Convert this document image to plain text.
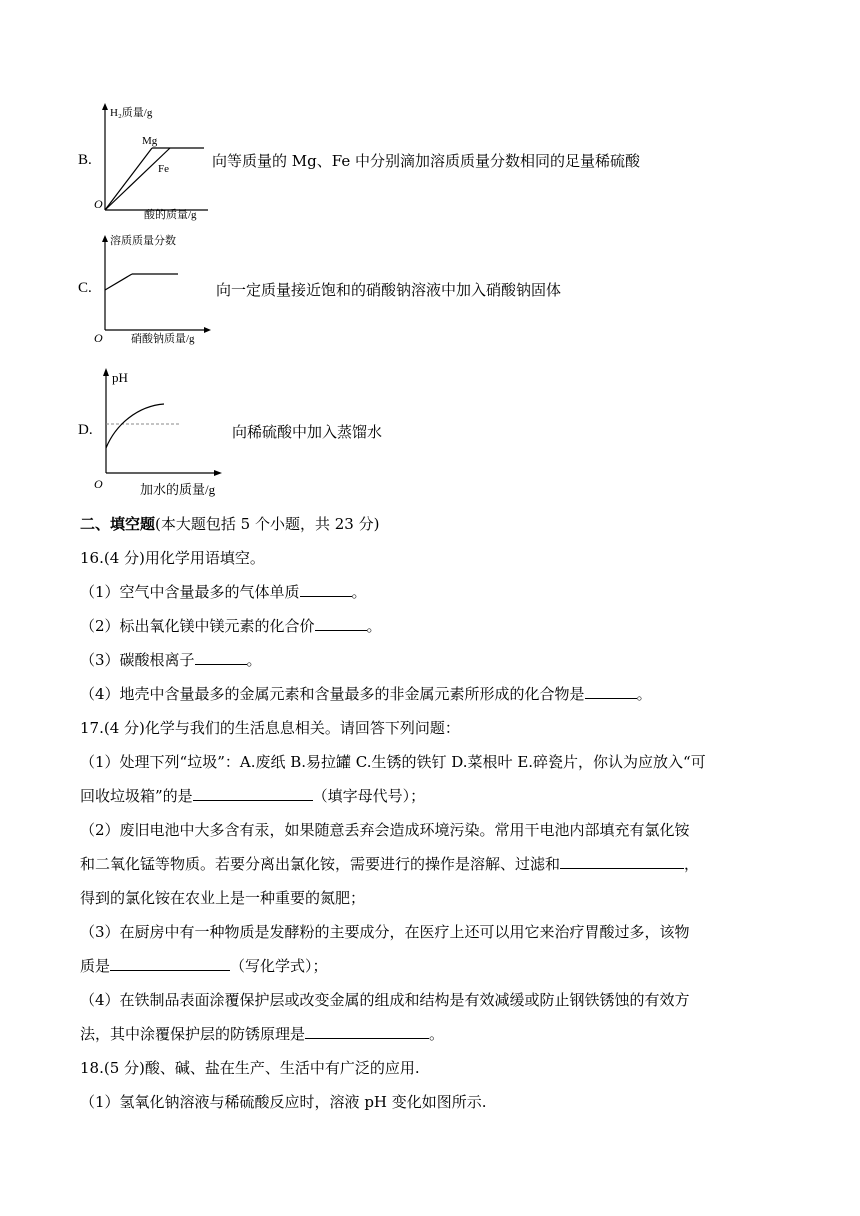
B.
H₂质量/g
Mg
Fe
O
酸的质量/g
向等质量的 Mg、Fe 中分别滴加溶质质量分数相同的足量稀硫酸
C.
溶质质量分数
O	硝酸钠质量/g
向一定质量接近饱和的硝酸钠溶液中加入硝酸钠固体
D.
pH
O	加水的质量/g
向稀硫酸中加入蒸馏水
二、填空题(本大题包括 5 个小题，共 23 分)
16.(4 分)用化学用语填空。
（1）空气中含量最多的气体单质	。
（2）标出氧化镁中镁元素的化合价	。
（3）碳酸根离子	。
（4）地壳中含量最多的金属元素和含量最多的非金属元素所形成的化合物是	。
17.(4 分)化学与我们的生活息息相关。请回答下列问题：
（1）处理下列“垃圾”：A.废纸 B.易拉罐 C.生锈的铁钉 D.菜根叶 E.碎瓷片，你认为应放入“可
回收垃圾箱”的是	（填字母代号）；
（2）废旧电池中大多含有汞，如果随意丢弃会造成环境污染。常用干电池内部填充有氯化铵
和二氧化锰等物质。若要分离出氯化铵，需要进行的操作是溶解、过滤和	，
得到的氯化铵在农业上是一种重要的氮肥；
（3）在厨房中有一种物质是发酵粉的主要成分，在医疗上还可以用它来治疗胃酸过多，该物
质是	（写化学式）；
（4）在铁制品表面涂覆保护层或改变金属的组成和结构是有效减缓或防止钢铁锈蚀的有效方
法，其中涂覆保护层的防锈原理是	。
18.(5 分)酸、碱、盐在生产、生活中有广泛的应用.
（1）氢氧化钠溶液与稀硫酸反应时，溶液 pH 变化如图所示.
